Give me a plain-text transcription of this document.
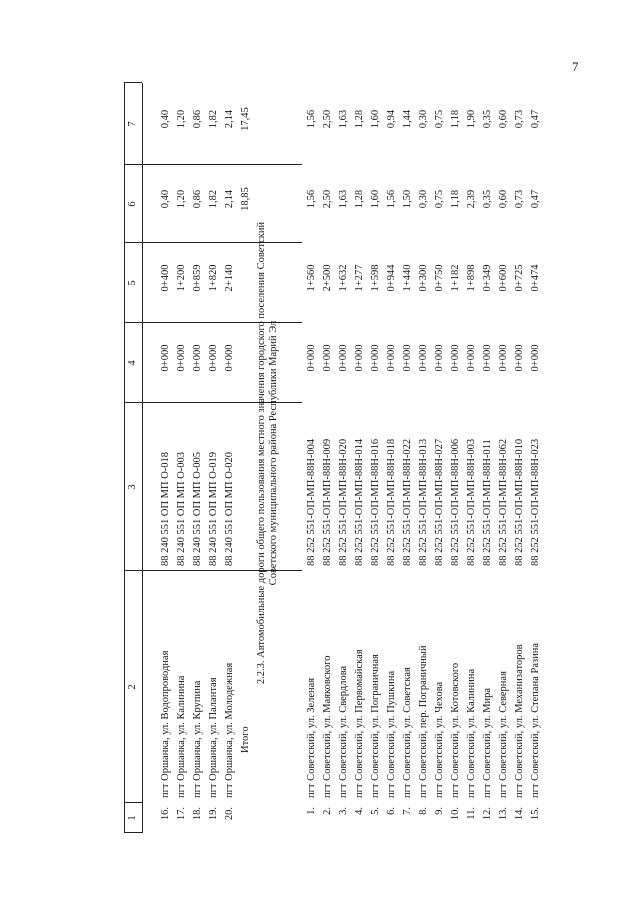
7
1
2
3
4
5
6
7
16.
пгт Оршанка, ул. Водопроводная
88 240 551 ОП МП О-018
0+000
0+400
0,40
0,40
17.
пгт Оршанка, ул. Калинина
88 240 551 ОП МП О-003
0+000
1+200
1,20
1,20
18.
пгт Оршанка, ул. Крупина
88 240 551 ОП МП О-005
0+000
0+859
0,86
0,86
19.
пгт Оршанка, ул. Палантая
88 240 551 ОП МП О-019
0+000
1+820
1,82
1,82
20.
пгт Оршанка, ул. Молодежная
88 240 551 ОП МП О-020
0+000
2+140
2,14
2,14
Итого
18,85
17,45
2.2.3. Автомобильные дороги общего пользования местного значения городского поселения Советский Советского муниципального района Республики Марий Эл
1.
пгт Советский, ул. Зеленая
88 252 551-ОП-МП-88Н-004
0+000
1+560
1,56
1,56
2.
пгт Советский, ул. Маяковского
88 252 551-ОП-МП-88Н-009
0+000
2+500
2,50
2,50
3.
пгт Советский, ул. Свердлова
88 252 551-ОП-МП-88Н-020
0+000
1+632
1,63
1,63
4.
пгт Советский, ул. Первомайская
88 252 551-ОП-МП-88Н-014
0+000
1+277
1,28
1,28
5.
пгт Советский, ул. Пограничная
88 252 551-ОП-МП-88Н-016
0+000
1+598
1,60
1,60
6.
пгт Советский, ул. Пушкина
88 252 551-ОП-МП-88Н-018
0+000
0+944
1,56
0,94
7.
пгт Советский, ул. Советская
88 252 551-ОП-МП-88Н-022
0+000
1+440
1,50
1,44
8.
пгт Советский, пер. Пограничный
88 252 551-ОП-МП-88Н-013
0+000
0+300
0,30
0,30
9.
пгт Советский, ул. Чехова
88 252 551-ОП-МП-88Н-027
0+000
0+750
0,75
0,75
10.
пгт Советский, ул. Котовского
88 252 551-ОП-МП-88Н-006
0+000
1+182
1,18
1,18
11.
пгт Советский, ул. Калинина
88 252 551-ОП-МП-88Н-003
0+000
1+898
2,39
1,90
12.
пгт Советский, ул. Мира
88 252 551-ОП-МП-88Н-011
0+000
0+349
0,35
0,35
13.
пгт Советский, ул. Северная
88 252 551-ОП-МП-88Н-062
0+000
0+600
0,60
0,60
14.
пгт Советский, ул. Механизаторов
88 252 551-ОП-МП-88Н-010
0+000
0+725
0,73
0,73
15.
пгт Советский, ул. Степана Разина
88 252 551-ОП-МП-88Н-023
0+000
0+474
0,47
0,47
